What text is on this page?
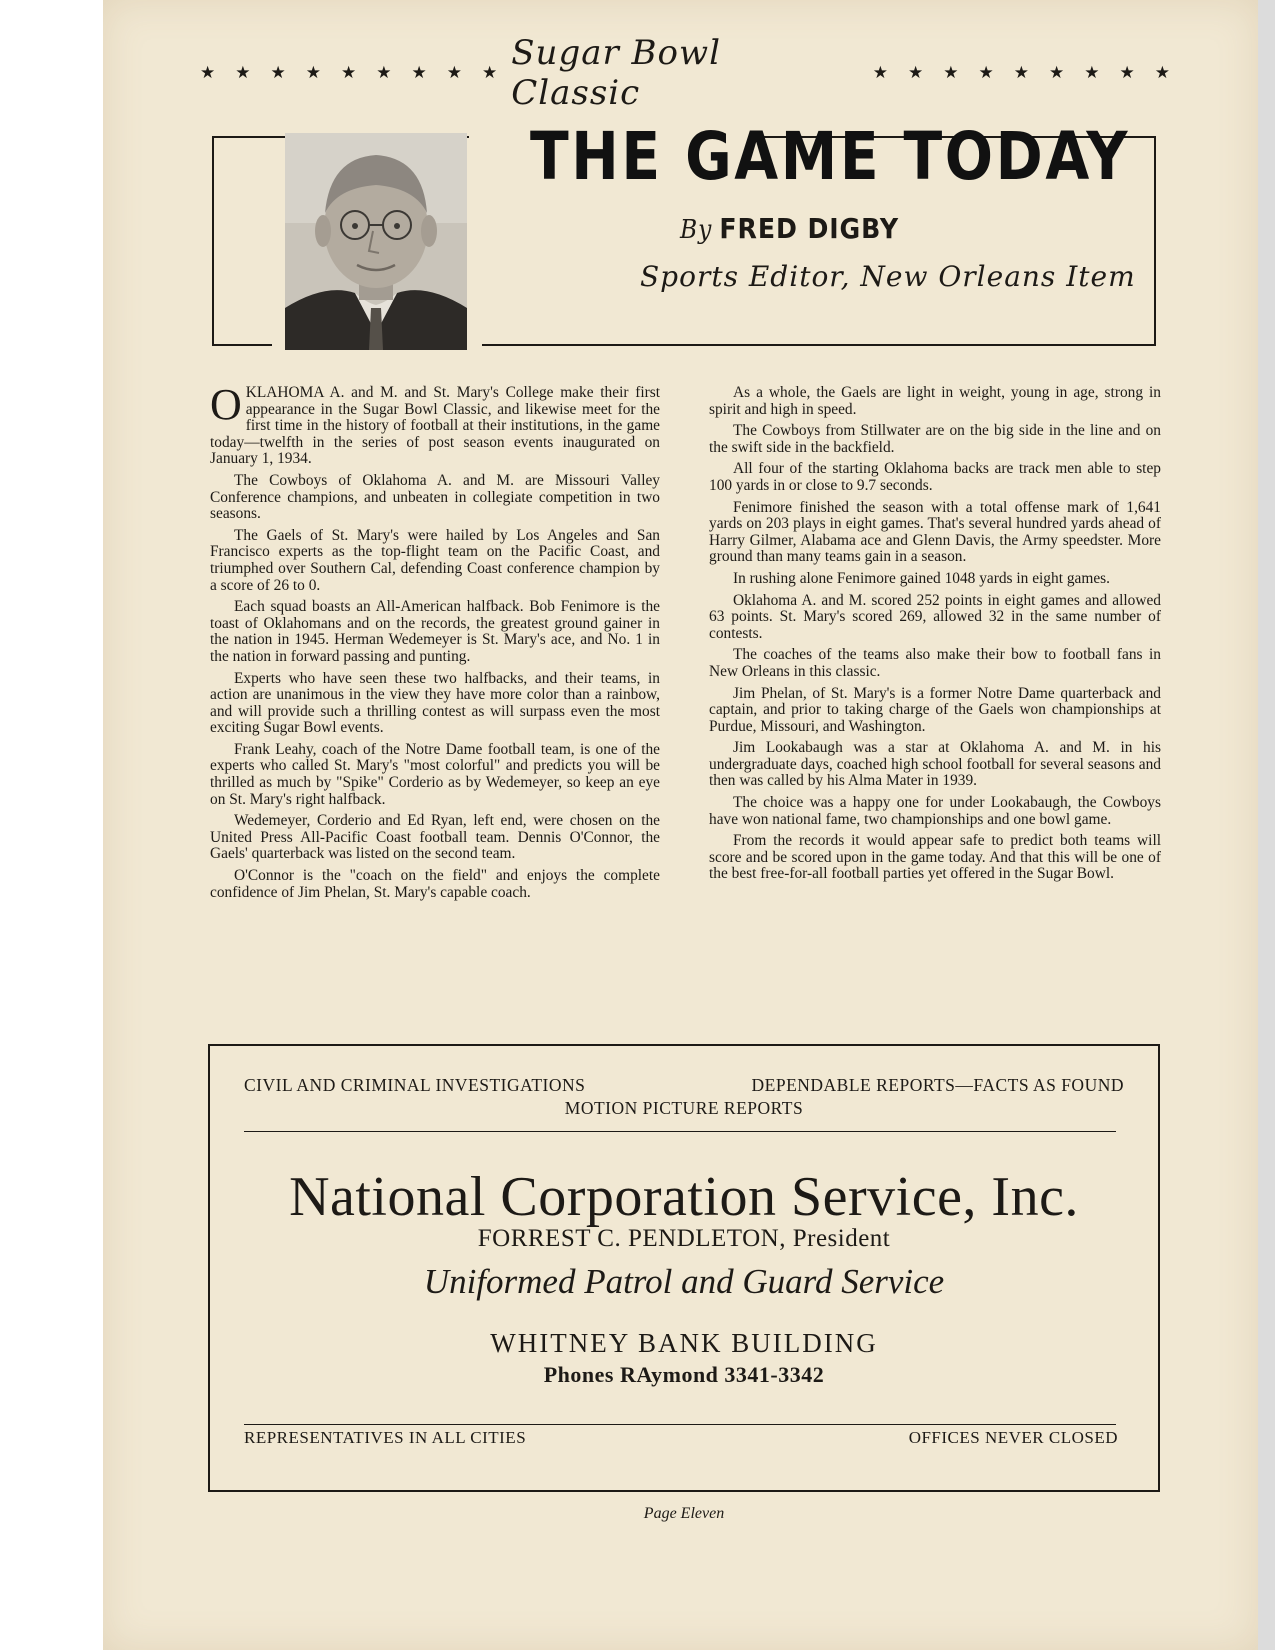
★ ★ ★ ★ ★ ★ ★ ★ ★ Sugar Bowl Classic
★ ★ ★ ★ ★ ★ ★ ★ ★
THE GAME TODAY
By FRED DIGBY
Sports Editor, New Orleans Item

OKLAHOMA A. and M. and St. Mary's College make their first appearance in the Sugar Bowl Classic, and likewise meet for the first time in the history of football at their institutions, in the game today—twelfth in the series of post season events inaugurated on January 1, 1934.

The Cowboys of Oklahoma A. and M. are Missouri Valley Conference champions, and unbeaten in collegiate competition in two seasons.

The Gaels of St. Mary's were hailed by Los Angeles and San Francisco experts as the top-flight team on the Pacific Coast, and triumphed over Southern Cal, defending Coast conference champion by a score of 26 to 0.

Each squad boasts an All-American halfback. Bob Fenimore is the toast of Oklahomans and on the records, the greatest ground gainer in the nation in 1945. Herman Wedemeyer is St. Mary's ace, and No. 1 in the nation in forward passing and punting.

Experts who have seen these two halfbacks, and their teams, in action are unanimous in the view they have more color than a rainbow, and will provide such a thrilling contest as will surpass even the most exciting Sugar Bowl events.

Frank Leahy, coach of the Notre Dame football team, is one of the experts who called St. Mary's "most colorful" and predicts you will be thrilled as much by "Spike" Corderio as by Wedemeyer, so keep an eye on St. Mary's right halfback.

Wedemeyer, Corderio and Ed Ryan, left end, were chosen on the United Press All-Pacific Coast football team. Dennis O'Connor, the Gaels' quarterback was listed on the second team.

O'Connor is the "coach on the field" and enjoys the complete confidence of Jim Phelan, St. Mary's capable coach.

As a whole, the Gaels are light in weight, young in age, strong in spirit and high in speed.

The Cowboys from Stillwater are on the big side in the line and on the swift side in the backfield.

All four of the starting Oklahoma backs are track men able to step 100 yards in or close to 9.7 seconds.

Fenimore finished the season with a total offense mark of 1,641 yards on 203 plays in eight games. That's several hundred yards ahead of Harry Gilmer, Alabama ace and Glenn Davis, the Army speedster. More ground than many teams gain in a season.

In rushing alone Fenimore gained 1048 yards in eight games.

Oklahoma A. and M. scored 252 points in eight games and allowed 63 points. St. Mary's scored 269, allowed 32 in the same number of contests.

The coaches of the teams also make their bow to football fans in New Orleans in this classic.

Jim Phelan, of St. Mary's is a former Notre Dame quarterback and captain, and prior to taking charge of the Gaels won championships at Purdue, Missouri, and Washington.

Jim Lookabaugh was a star at Oklahoma A. and M. in his undergraduate days, coached high school football for several seasons and then was called by his Alma Mater in 1939.

The choice was a happy one for under Lookabaugh, the Cowboys have won national fame, two championships and one bowl game.

From the records it would appear safe to predict both teams will score and be scored upon in the game today. And that this will be one of the best free-for-all football parties yet offered in the Sugar Bowl.

CIVIL AND CRIMINAL INVESTIGATIONS	DEPENDABLE REPORTS—FACTS AS FOUND
MOTION PICTURE REPORTS
National Corporation Service, Inc.
FORREST C. PENDLETON, President
Uniformed Patrol and Guard Service
WHITNEY BANK BUILDING
Phones RAymond 3341-3342
REPRESENTATIVES IN ALL CITIES	OFFICES NEVER CLOSED
Page Eleven
